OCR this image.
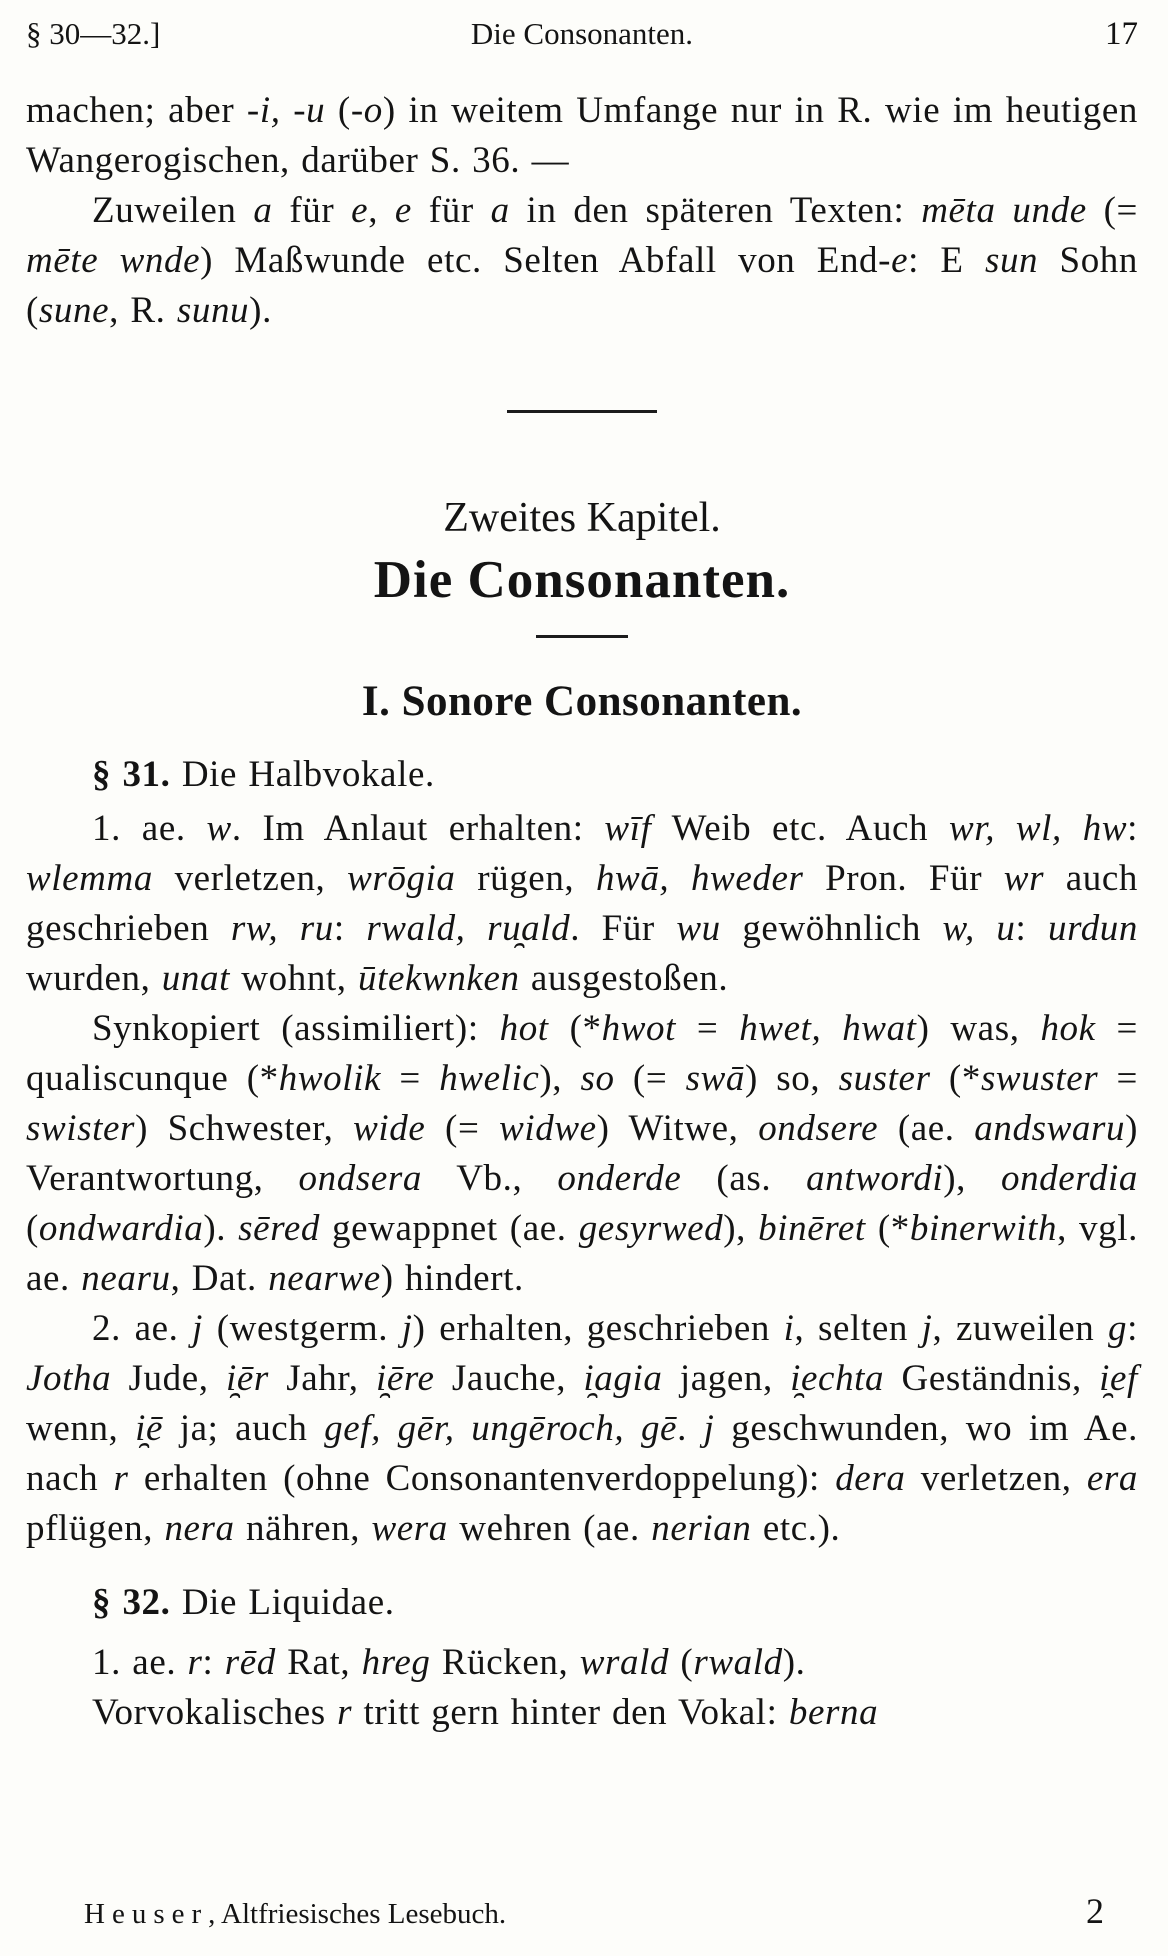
§ 30—32.]	Die Consonanten.	17

machen; aber -i, -u (-o) in weitem Umfange nur in R. wie im heutigen Wangerogischen, darüber S. 36. —

Zuweilen a für e, e für a in den späteren Texten: mēta unde (= mēte wnde) Maßwunde etc. Selten Abfall von End-e: E sun Sohn (sune, R. sunu).

Zweites Kapitel.
Die Consonanten.
I. Sonore Consonanten.

§ 31. Die Halbvokale.

1. ae. w. Im Anlaut erhalten: wīf Weib etc. Auch wr, wl, hw: wlemma verletzen, wrōgia rügen, hwā, hweder Pron. Für wr auch geschrieben rw, ru: rwald, ru̯ald. Für wu gewöhnlich w, u: urdun wurden, unat wohnt, ūtekwnken ausgestoßen.

Synkopiert (assimiliert): hot (*hwot = hwet, hwat) was, hok = qualiscunque (*hwolik = hwelic), so (= swā) so, suster (*swuster = swister) Schwester, wide (= widwe) Witwe, ondsere (ae. andswaru) Verantwortung, ondsera Vb., onderde (as. antwordi), onderdia (ondwardia). sēred gewappnet (ae. gesyrwed), binēret (*binerwith, vgl. ae. nearu, Dat. nearwe) hindert.

2. ae. j (westgerm. j) erhalten, geschrieben i, selten j, zuweilen g: Jotha Jude, i̯ēr Jahr, i̯ēre Jauche, i̯agia jagen, i̯echta Geständnis, i̯ef wenn, i̯ē ja; auch gef, gēr, ungēroch, gē. j geschwunden, wo im Ae. nach r erhalten (ohne Consonantenverdoppelung): dera verletzen, era pflügen, nera nähren, wera wehren (ae. nerian etc.).

§ 32. Die Liquidae.

1. ae. r: rēd Rat, hreg Rücken, wrald (rwald).

Vorvokalisches r tritt gern hinter den Vokal: berna

Heuser, Altfriesisches Lesebuch.	2
